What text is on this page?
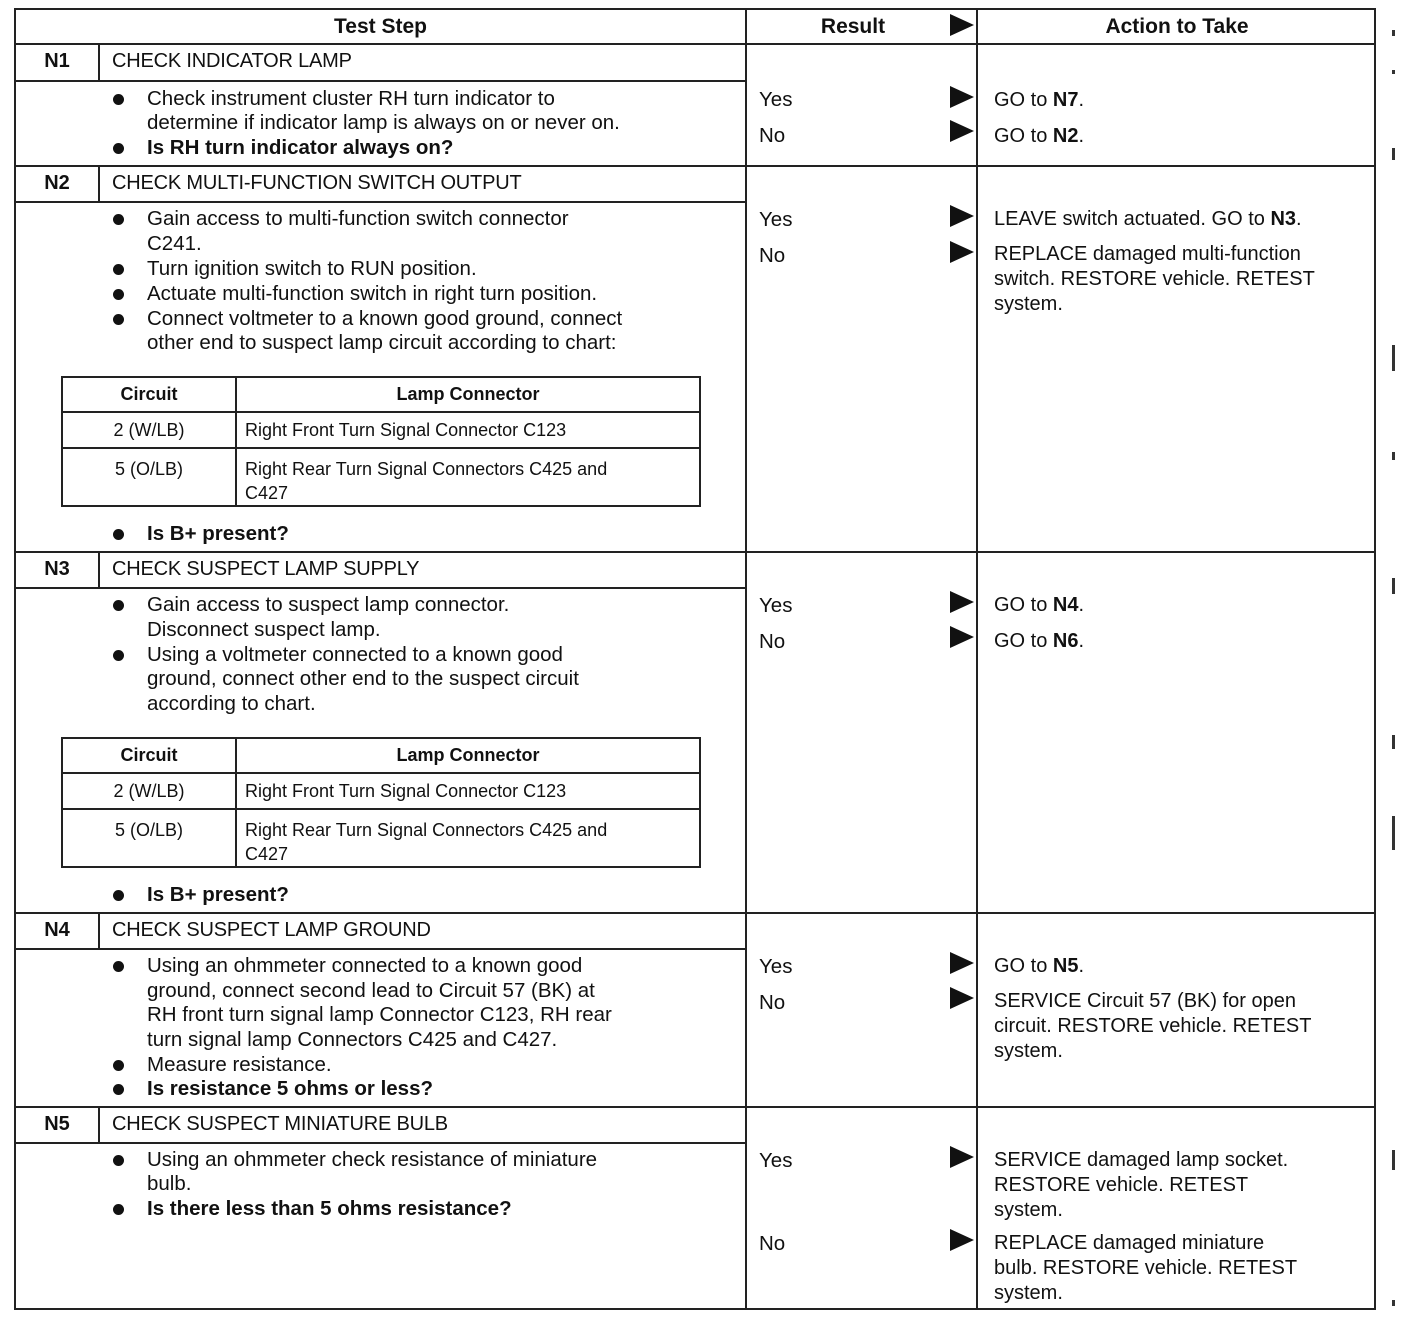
Test Step	Result	Action to Take
N1	CHECK INDICATOR LAMP
Check instrument cluster RH turn indicator to
determine if indicator lamp is always on or never on.
Is RH turn indicator always on?
Yes	GO to N7.
No	GO to N2.
N2	CHECK MULTI-FUNCTION SWITCH OUTPUT
Gain access to multi-function switch connector
C241.
Turn ignition switch to RUN position.
Actuate multi-function switch in right turn position.
Connect voltmeter to a known good ground, connect
other end to suspect lamp circuit according to chart:
Circuit	Lamp Connector
2 (W/LB)	Right Front Turn Signal Connector C123
5 (O/LB)	Right Rear Turn Signal Connectors C425 and
C427
Is B+ present?
Yes	LEAVE switch actuated. GO to N3.
No	REPLACE damaged multi-function
switch. RESTORE vehicle. RETEST
system.
N3	CHECK SUSPECT LAMP SUPPLY
Gain access to suspect lamp connector.
Disconnect suspect lamp.
Using a voltmeter connected to a known good
ground, connect other end to the suspect circuit
according to chart.
Circuit	Lamp Connector
2 (W/LB)	Right Front Turn Signal Connector C123
5 (O/LB)	Right Rear Turn Signal Connectors C425 and
C427
Is B+ present?
Yes	GO to N4.
No	GO to N6.
N4	CHECK SUSPECT LAMP GROUND
Using an ohmmeter connected to a known good
ground, connect second lead to Circuit 57 (BK) at
RH front turn signal lamp Connector C123, RH rear
turn signal lamp Connectors C425 and C427.
Measure resistance.
Is resistance 5 ohms or less?
Yes	GO to N5.
No	SERVICE Circuit 57 (BK) for open
circuit. RESTORE vehicle. RETEST
system.
N5	CHECK SUSPECT MINIATURE BULB
Using an ohmmeter check resistance of miniature
bulb.
Is there less than 5 ohms resistance?
Yes	SERVICE damaged lamp socket.
RESTORE vehicle. RETEST
system.
No	REPLACE damaged miniature
bulb. RESTORE vehicle. RETEST
system.
